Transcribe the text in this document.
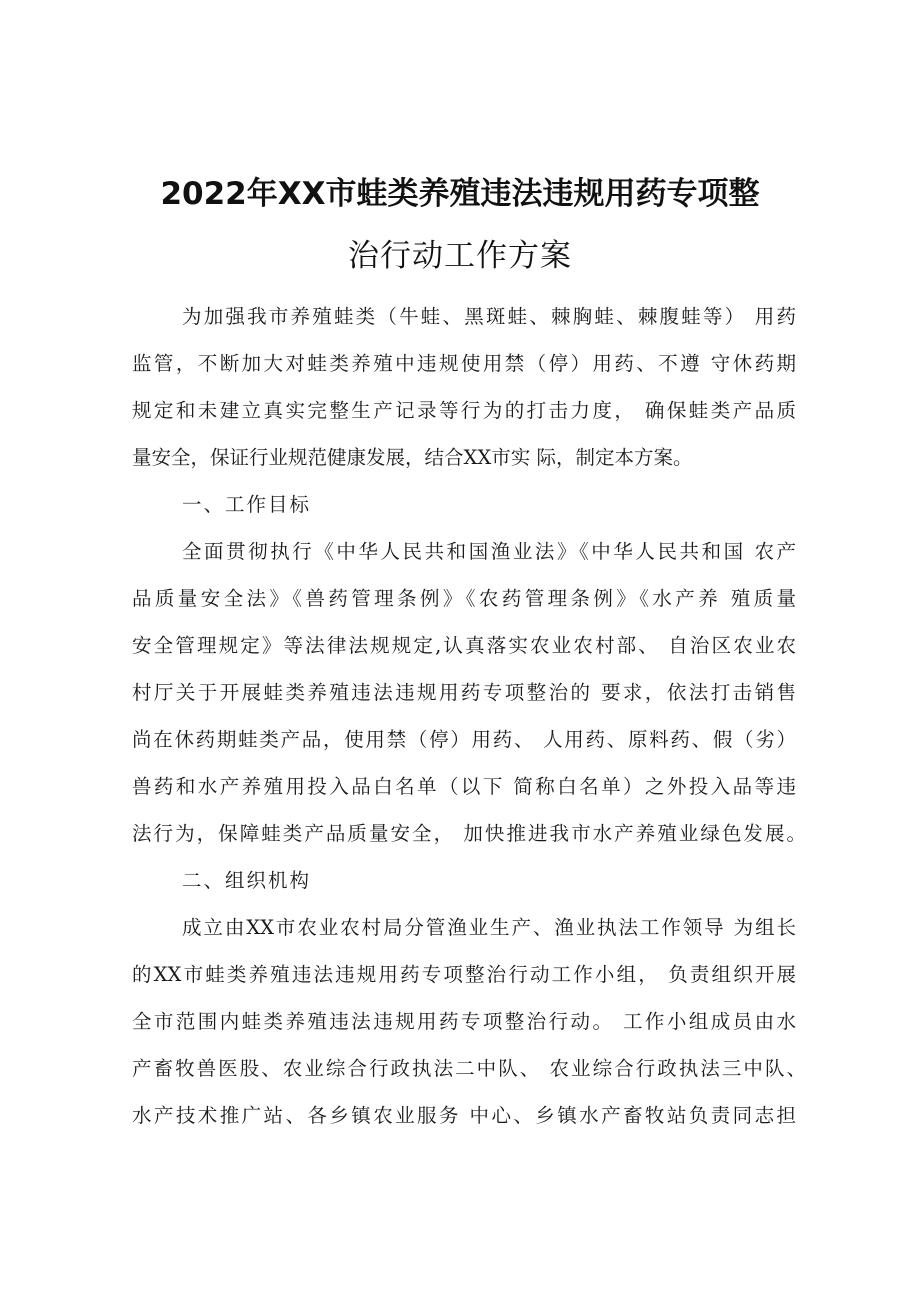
2022年XX市蛙类养殖违法违规用药专项整
治行动工作方案
为加强我市养殖蛙类（牛蛙、黑斑蛙、棘胸蛙、棘腹蛙等） 用药
监管，不断加大对蛙类养殖中违规使用禁（停）用药、不遵 守休药期
规定和未建立真实完整生产记录等行为的打击力度， 确保蛙类产品质
量安全，保证行业规范健康发展，结合XX市实 际，制定本方案。
一、工作目标
全面贯彻执行《中华人民共和国渔业法》《中华人民共和国 农产
品质量安全法》《兽药管理条例》《农药管理条例》《水产养 殖质量
安全管理规定》等法律法规规定,认真落实农业农村部、 自治区农业农
村厅关于开展蛙类养殖违法违规用药专项整治的 要求，依法打击销售
尚在休药期蛙类产品，使用禁（停）用药、 人用药、原料药、假（劣）
兽药和水产养殖用投入品白名单（以下 简称白名单）之外投入品等违
法行为，保障蛙类产品质量安全， 加快推进我市水产养殖业绿色发展。
二、组织机构
成立由XX市农业农村局分管渔业生产、渔业执法工作领导 为组长
的XX市蛙类养殖违法违规用药专项整治行动工作小组， 负责组织开展
全市范围内蛙类养殖违法违规用药专项整治行动。 工作小组成员由水
产畜牧兽医股、农业综合行政执法二中队、 农业综合行政执法三中队、
水产技术推广站、各乡镇农业服务 中心、乡镇水产畜牧站负责同志担
